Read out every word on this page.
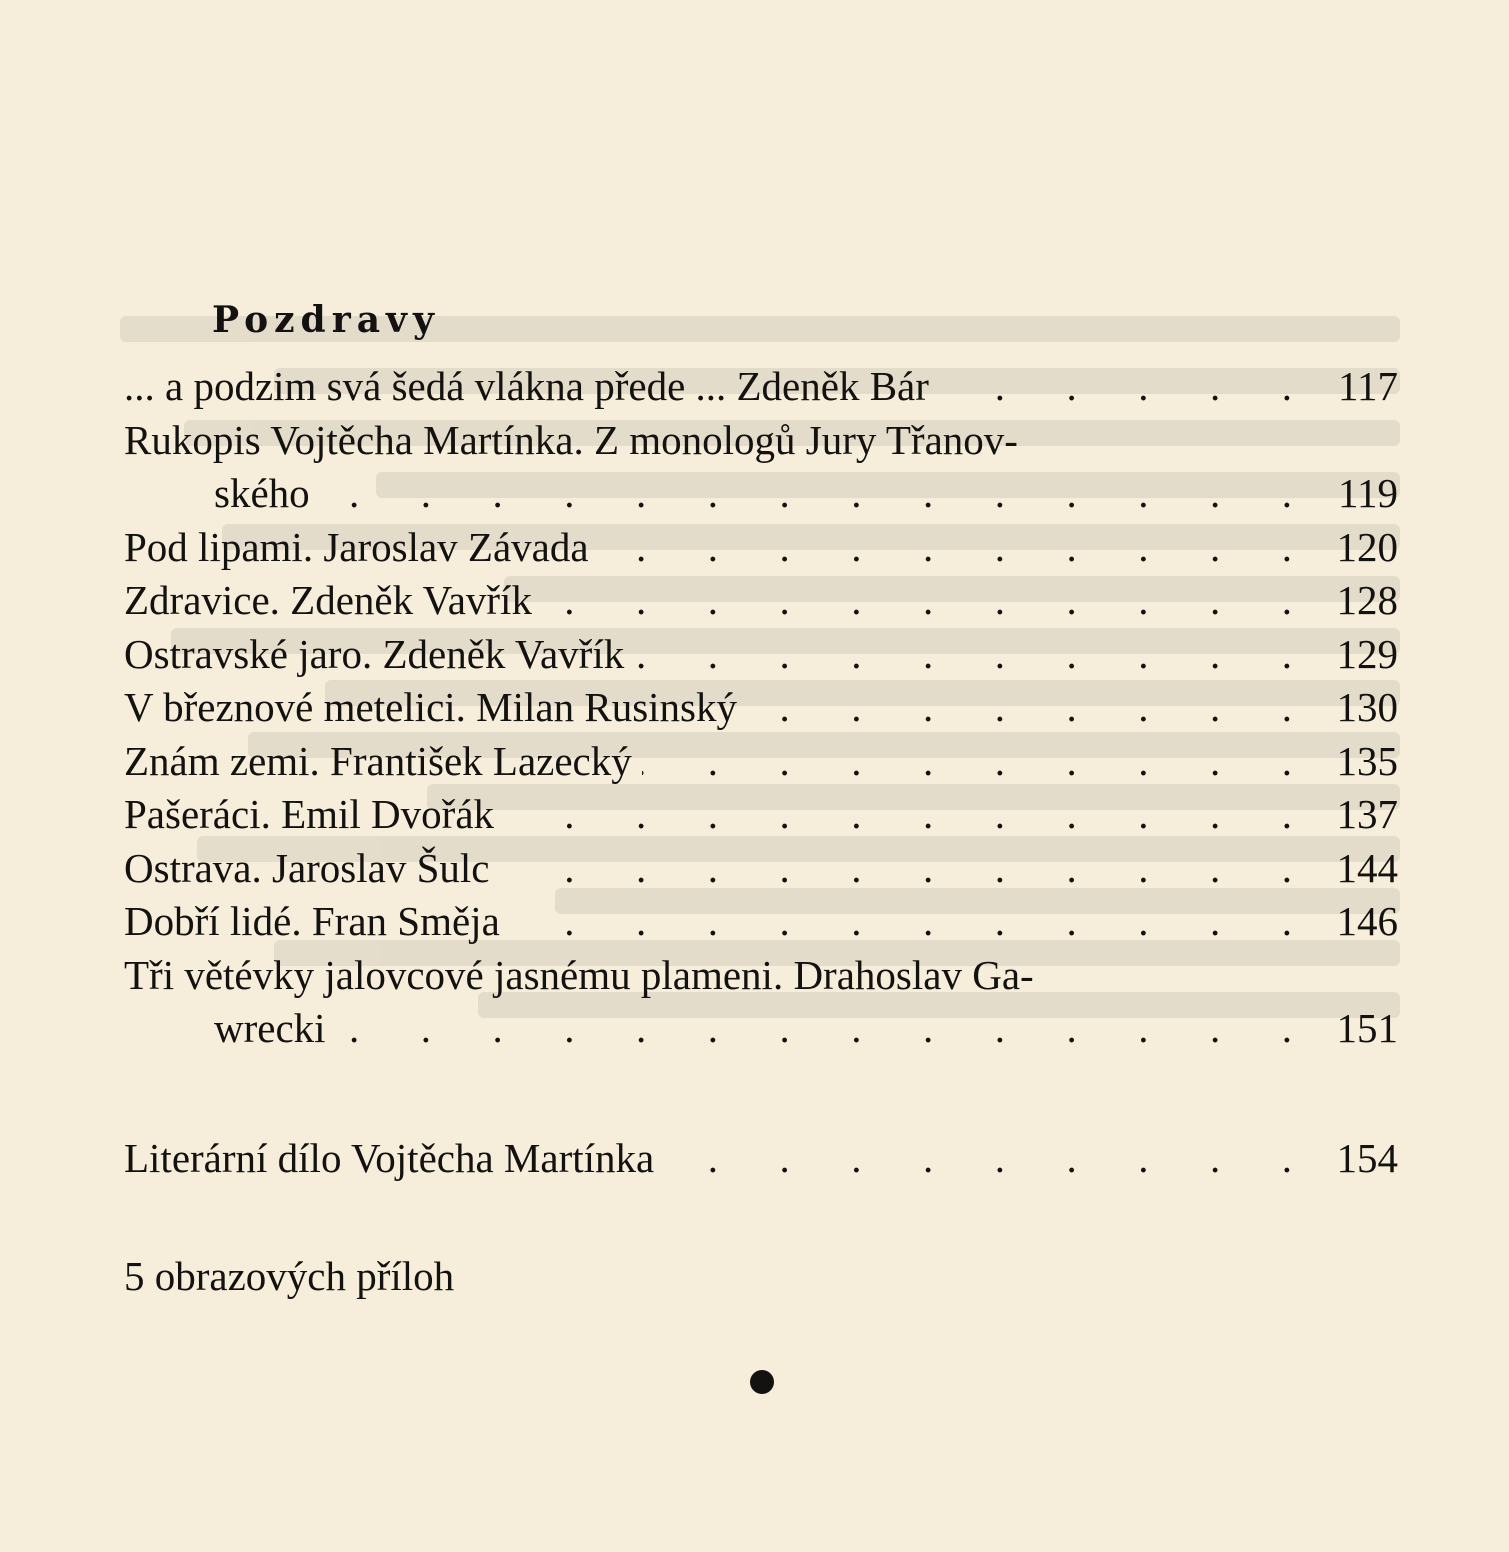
Pozdravy
... a podzim svá šedá vlákna přede ... Zdeněk Bár .	117
Rukopis Vojtěcha Martínka. Z monologů Jury Třanov-
ského .	119
Pod lipami. Jaroslav Závada .	120
Zdravice. Zdeněk Vavřík .	128
Ostravské jaro. Zdeněk Vavřík .	129
V březnové metelici. Milan Rusinský .	130
Znám zemi. František Lazecký .	135
Pašeráci. Emil Dvořák .	137
Ostrava. Jaroslav Šulc .	144
Dobří lidé. Fran Směja .	146
Tři větévky jalovcové jasnému plameni. Drahoslav Ga-
wrecki .	151
Literární dílo Vojtěcha Martínka .	154
5 obrazových příloh
